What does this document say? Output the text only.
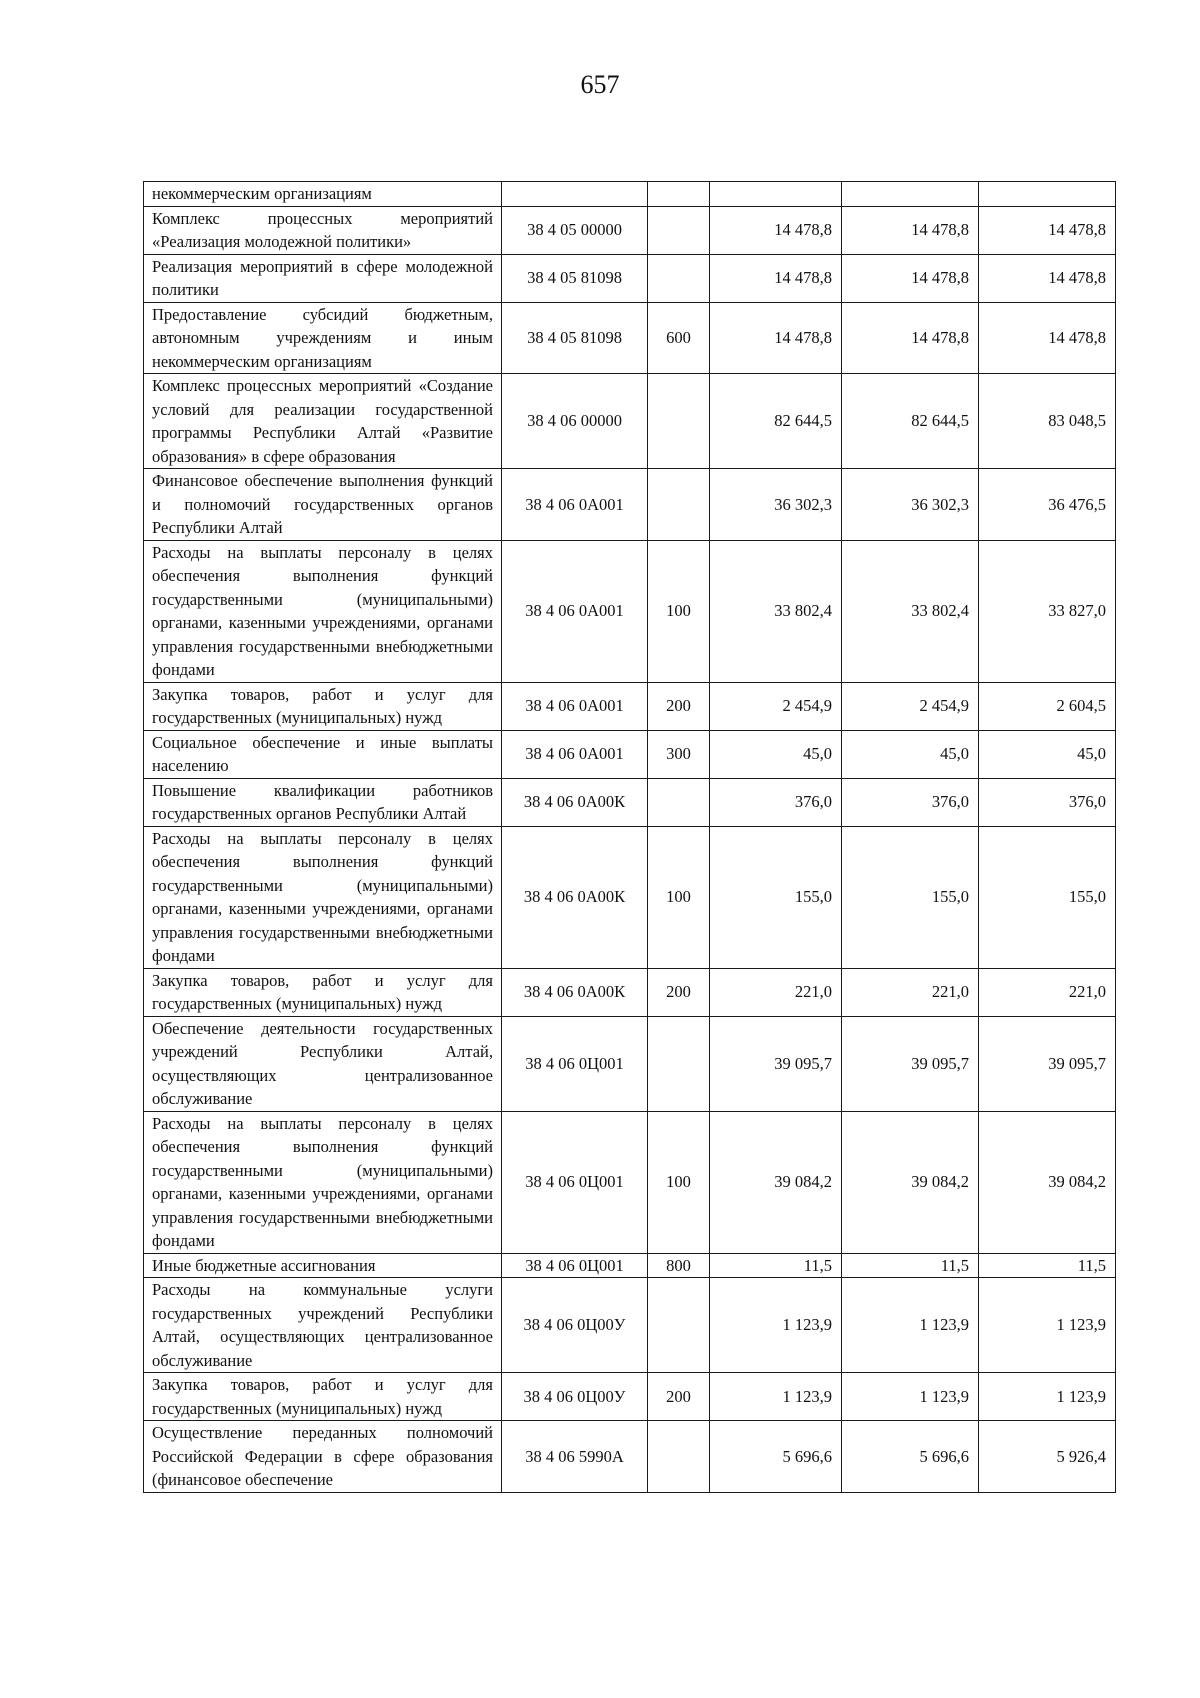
657
некоммерческим организациям					
Комплекс процессных мероприятий «Реализация молодежной политики»	38 4 05 00000		14 478,8	14 478,8	14 478,8
Реализация мероприятий в сфере молодежной политики	38 4 05 81098		14 478,8	14 478,8	14 478,8
Предоставление субсидий бюджетным, автономным учреждениям и иным некоммерческим организациям	38 4 05 81098	600	14 478,8	14 478,8	14 478,8
Комплекс процессных мероприятий «Создание условий для реализации государственной программы Республики Алтай «Развитие образования» в сфере образования	38 4 06 00000		82 644,5	82 644,5	83 048,5
Финансовое обеспечение выполнения функций и полномочий государственных органов Республики Алтай	38 4 06 0А001		36 302,3	36 302,3	36 476,5
Расходы на выплаты персоналу в целях обеспечения выполнения функций государственными (муниципальными) органами, казенными учреждениями, органами управления государственными внебюджетными фондами	38 4 06 0А001	100	33 802,4	33 802,4	33 827,0
Закупка товаров, работ и услуг для государственных (муниципальных) нужд	38 4 06 0А001	200	2 454,9	2 454,9	2 604,5
Социальное обеспечение и иные выплаты населению	38 4 06 0А001	300	45,0	45,0	45,0
Повышение квалификации работников государственных органов Республики Алтай	38 4 06 0А00К		376,0	376,0	376,0
Расходы на выплаты персоналу в целях обеспечения выполнения функций государственными (муниципальными) органами, казенными учреждениями, органами управления государственными внебюджетными фондами	38 4 06 0А00К	100	155,0	155,0	155,0
Закупка товаров, работ и услуг для государственных (муниципальных) нужд	38 4 06 0А00К	200	221,0	221,0	221,0
Обеспечение деятельности государственных учреждений Республики Алтай, осуществляющих централизованное обслуживание	38 4 06 0Ц001		39 095,7	39 095,7	39 095,7
Расходы на выплаты персоналу в целях обеспечения выполнения функций государственными (муниципальными) органами, казенными учреждениями, органами управления государственными внебюджетными фондами	38 4 06 0Ц001	100	39 084,2	39 084,2	39 084,2
Иные бюджетные ассигнования	38 4 06 0Ц001	800	11,5	11,5	11,5
Расходы на коммунальные услуги государственных учреждений Республики Алтай, осуществляющих централизованное обслуживание	38 4 06 0Ц00У		1 123,9	1 123,9	1 123,9
Закупка товаров, работ и услуг для государственных (муниципальных) нужд	38 4 06 0Ц00У	200	1 123,9	1 123,9	1 123,9
Осуществление переданных полномочий Российской Федерации в сфере образования (финансовое обеспечение	38 4 06 5990А		5 696,6	5 696,6	5 926,4
